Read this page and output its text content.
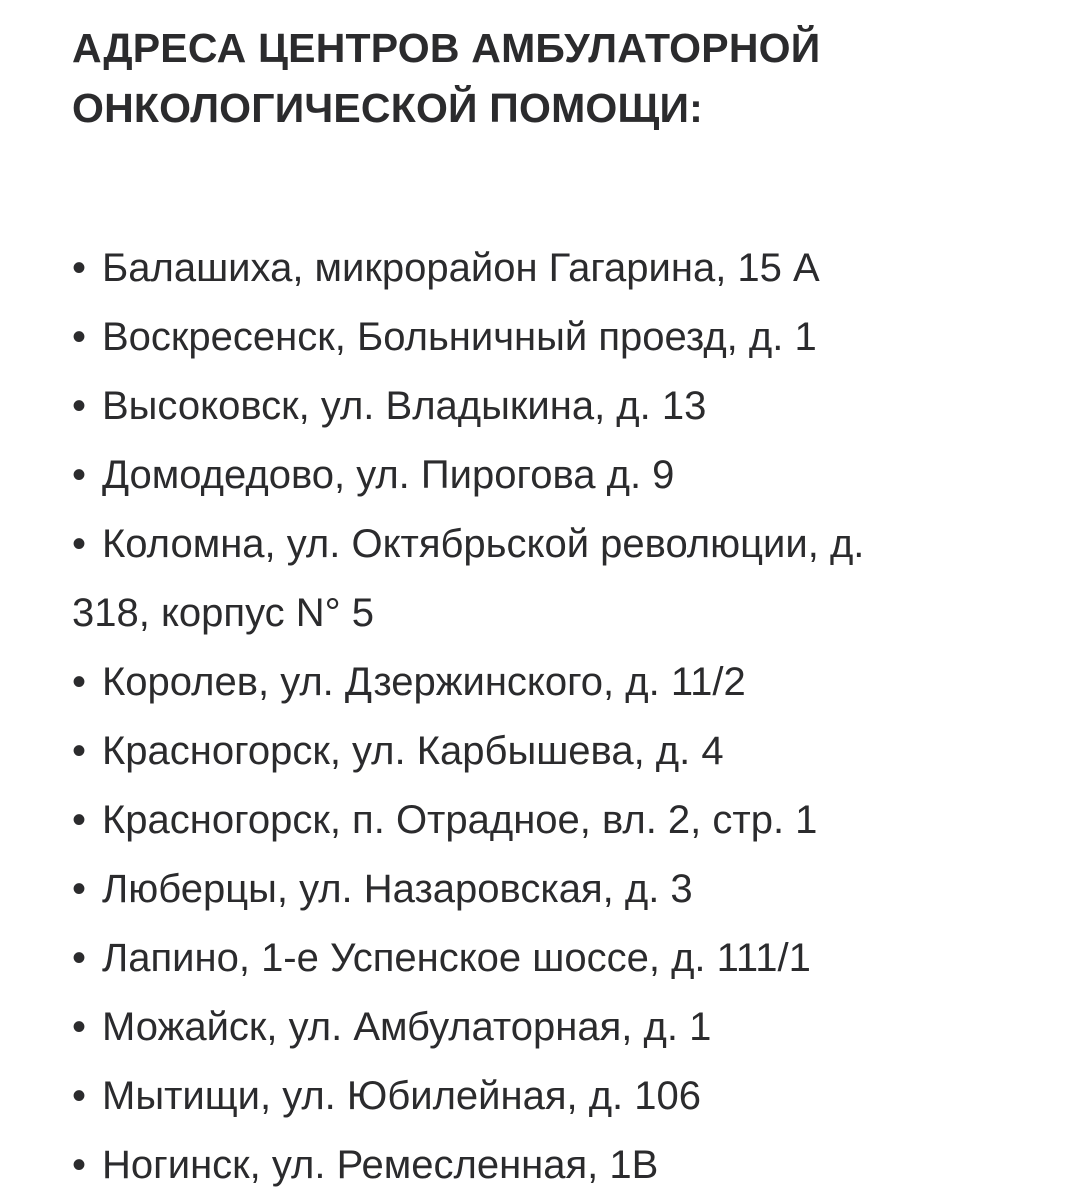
АДРЕСА ЦЕНТРОВ АМБУЛАТОРНОЙ
ОНКОЛОГИЧЕСКОЙ ПОМОЩИ:
• Балашиха, микрорайон Гагарина, 15 А
• Воскресенск, Больничный проезд, д. 1
• Высоковск, ул. Владыкина, д. 13
• Домодедово, ул. Пирогова д. 9
• Коломна, ул. Октябрьской революции, д.
318, корпус N° 5
• Королев, ул. Дзержинского, д. 11/2
• Красногорск, ул. Карбышева, д. 4
• Красногорск, п. Отрадное, вл. 2, стр. 1
• Люберцы, ул. Назаровская, д. 3
• Лапино, 1-е Успенское шоссе, д. 111/1
• Можайск, ул. Амбулаторная, д. 1
• Мытищи, ул. Юбилейная, д. 106
• Ногинск, ул. Ремесленная, 1В
